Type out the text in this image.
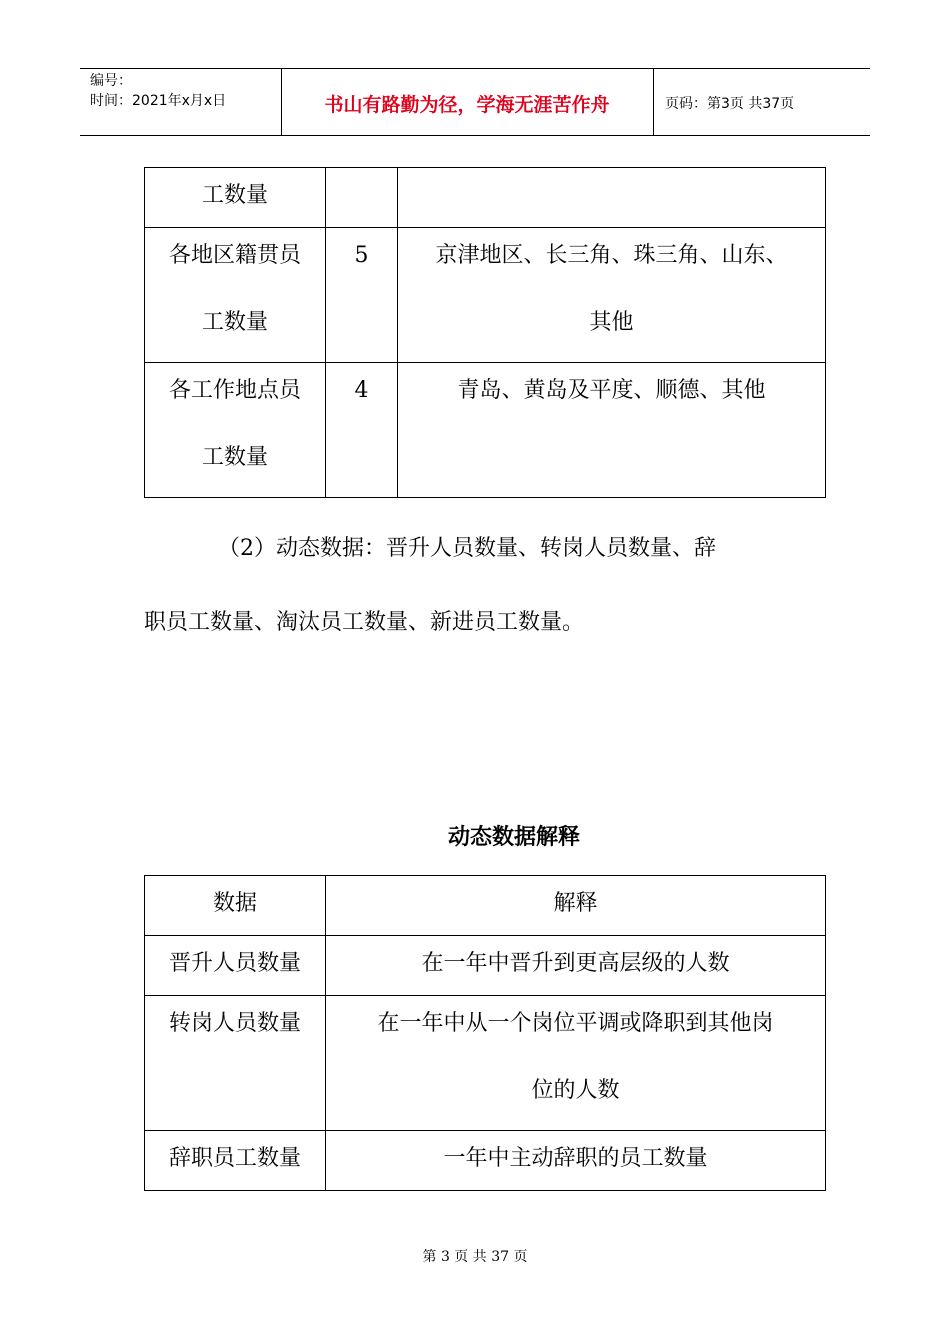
编号：
时间：2021年x月x日	书山有路勤为径，学海无涯苦作舟	页码：第3页 共37页
工数量		

各地区籍贯员
工数量	5	京津地区、长三角、珠三角、山东、
其他

各工作地点员
工数量	4	青岛、黄岛及平度、顺德、其他
（2）动态数据：晋升人员数量、转岗人员数量、辞
职员工数量、淘汰员工数量、新进员工数量。
动态数据解释
数据	解释
晋升人员数量	在一年中晋升到更高层级的人数

转岗人员数量	在一年中从一个岗位平调或降职到其他岗
位的人数

辞职员工数量	一年中主动辞职的员工数量
第 3 页 共 37 页
